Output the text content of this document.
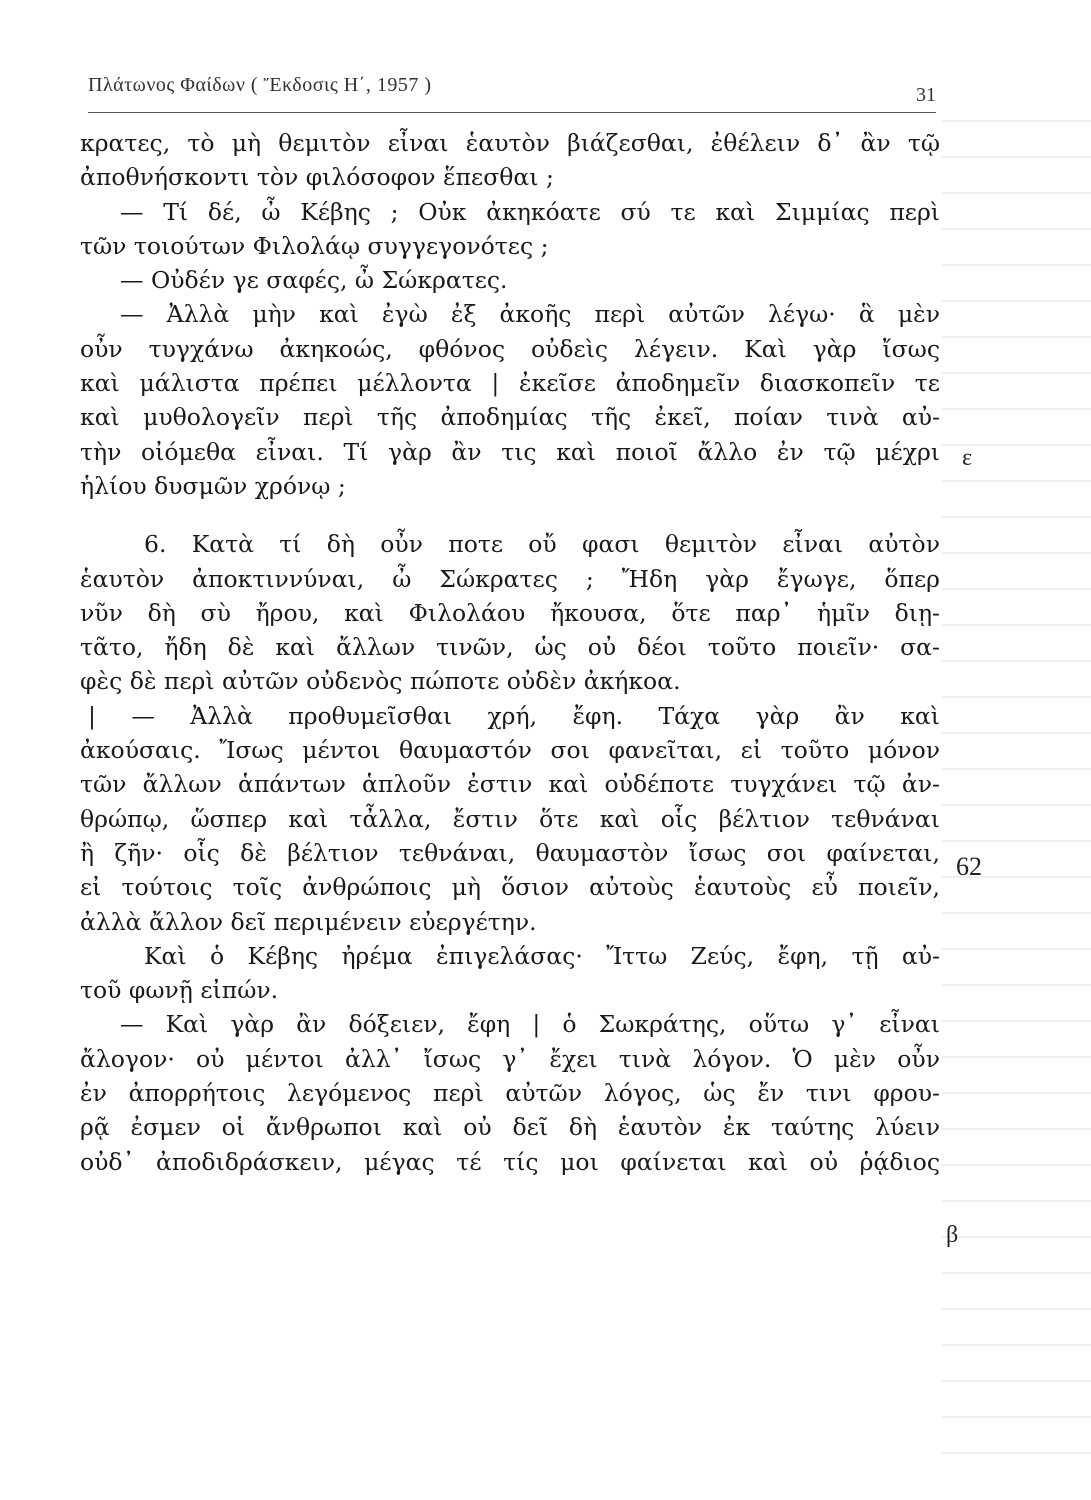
Πλάτωνος Φαίδων ( Ἔκδοσις Η΄, 1957 )	31
κρατες, τὸ μὴ θεμιτὸν εἶναι ἑαυτὸν βιάζεσθαι, ἐθέλειν δ᾽ ἂν τῷ
ἀποθνήσκοντι τὸν φιλόσοφον ἕπεσθαι ;
— Τί δέ, ὦ Κέβης ; Οὐκ ἀκηκόατε σύ τε καὶ Σιμμίας περὶ
τῶν τοιούτων Φιλολάῳ συγγεγονότες ;
— Οὐδέν γε σαφές, ὦ Σώκρατες.
— Ἀλλὰ μὴν καὶ ἐγὼ ἐξ ἀκοῆς περὶ αὐτῶν λέγω· ἃ μὲν
οὖν τυγχάνω ἀκηκοώς, φθόνος οὐδεὶς λέγειν. Καὶ γὰρ ἴσως
καὶ μάλιστα πρέπει μέλλοντα | ἐκεῖσε ἀποδημεῖν διασκοπεῖν τε
καὶ μυθολογεῖν περὶ τῆς ἀποδημίας τῆς ἐκεῖ, ποίαν τινὰ αὐ-
τὴν οἰόμεθα εἶναι. Τί γὰρ ἂν τις καὶ ποιοῖ ἄλλο ἐν τῷ μέχρι
ἡλίου δυσμῶν χρόνῳ ;
6. Κατὰ τί δὴ οὖν ποτε οὔ φασι θεμιτὸν εἶναι αὐτὸν
ἑαυτὸν ἀποκτιννύναι, ὦ Σώκρατες ; Ἤδη γὰρ ἔγωγε, ὅπερ
νῦν δὴ σὺ ἤρου, καὶ Φιλολάου ἤκουσα, ὅτε παρ᾽ ἡμῖν διῃ-
τᾶτο, ἤδη δὲ καὶ ἄλλων τινῶν, ὡς οὐ δέοι τοῦτο ποιεῖν· σα-
φὲς δὲ περὶ αὐτῶν οὐδενὸς πώποτε οὐδὲν ἀκήκοα.
| — Ἀλλὰ προθυμεῖσθαι χρή, ἔφη. Τάχα γὰρ ἂν καὶ
ἀκούσαις. Ἴσως μέντοι θαυμαστόν σοι φανεῖται, εἰ τοῦτο μόνον
τῶν ἄλλων ἁπάντων ἁπλοῦν ἐστιν καὶ οὐδέποτε τυγχάνει τῷ ἀν-
θρώπῳ, ὥσπερ καὶ τἆλλα, ἔστιν ὅτε καὶ οἷς βέλτιον τεθνάναι
ἢ ζῆν· οἷς δὲ βέλτιον τεθνάναι, θαυμαστὸν ἴσως σοι φαίνεται,
εἰ τούτοις τοῖς ἀνθρώποις μὴ ὅσιον αὐτοὺς ἑαυτοὺς εὖ ποιεῖν,
ἀλλὰ ἄλλον δεῖ περιμένειν εὐεργέτην.
Καὶ ὁ Κέβης ἠρέμα ἐπιγελάσας· Ἴττω Ζεύς, ἔφη, τῇ αὐ-
τοῦ φωνῇ εἰπών.
— Καὶ γὰρ ἂν δόξειεν, ἔφη | ὁ Σωκράτης, οὕτω γ᾽ εἶναι
ἄλογον· οὐ μέντοι ἀλλ᾽ ἴσως γ᾽ ἔχει τινὰ λόγον. Ὁ μὲν οὖν
ἐν ἀπορρήτοις λεγόμενος περὶ αὐτῶν λόγος, ὡς ἔν τινι φρου-
ρᾷ ἐσμεν οἱ ἄνθρωποι καὶ οὐ δεῖ δὴ ἑαυτὸν ἐκ ταύτης λύειν
οὐδ᾽ ἀποδιδράσκειν, μέγας τέ τίς μοι φαίνεται καὶ οὐ ῥᾴδιος
ε
62
β
